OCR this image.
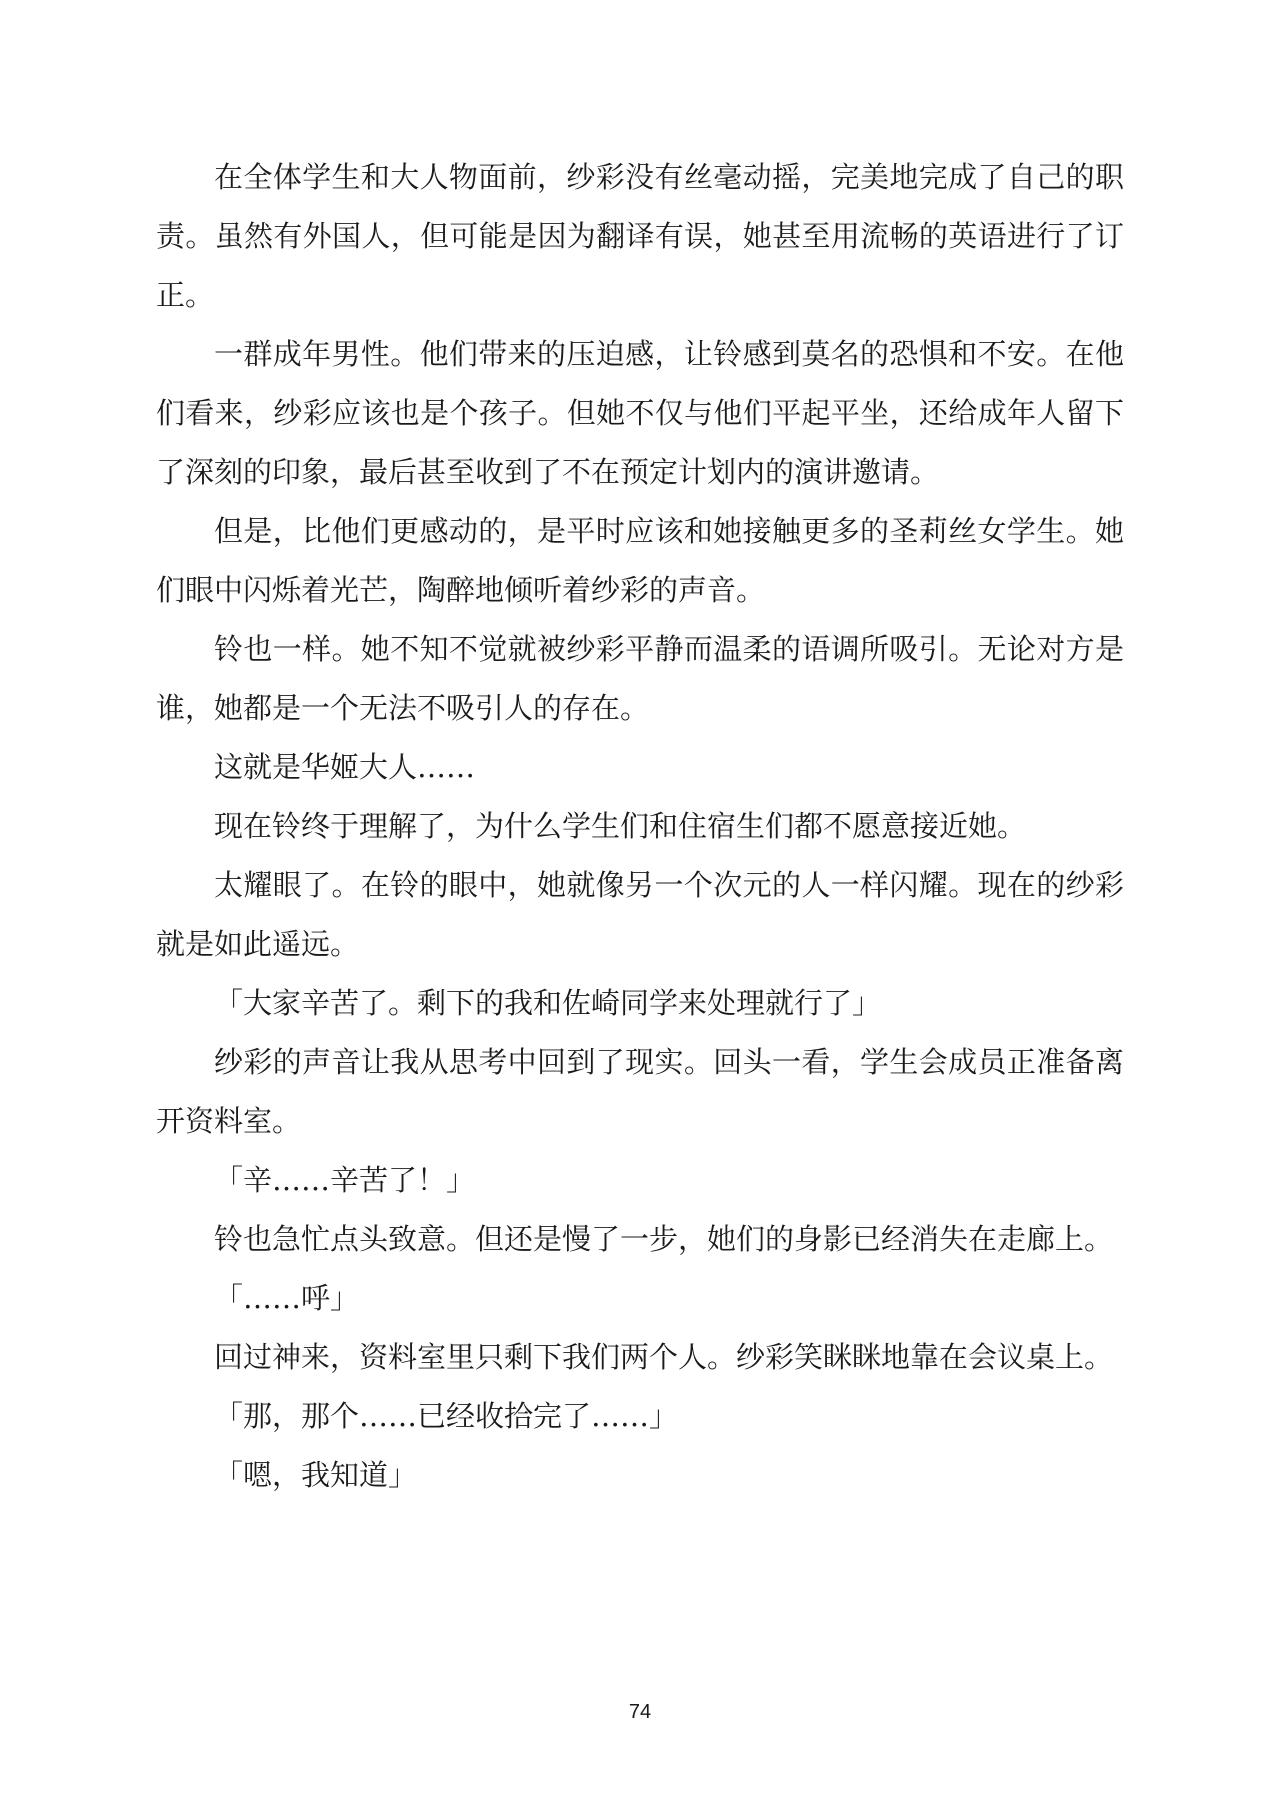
在全体学生和大人物面前，纱彩没有丝毫动摇，完美地完成了自己的职责。虽然有外国人，但可能是因为翻译有误，她甚至用流畅的英语进行了订正。

一群成年男性。他们带来的压迫感，让铃感到莫名的恐惧和不安。在他们看来，纱彩应该也是个孩子。但她不仅与他们平起平坐，还给成年人留下了深刻的印象，最后甚至收到了不在预定计划内的演讲邀请。

但是，比他们更感动的，是平时应该和她接触更多的圣莉丝女学生。她们眼中闪烁着光芒，陶醉地倾听着纱彩的声音。

铃也一样。她不知不觉就被纱彩平静而温柔的语调所吸引。无论对方是谁，她都是一个无法不吸引人的存在。

这就是华姬大人……

现在铃终于理解了，为什么学生们和住宿生们都不愿意接近她。

太耀眼了。在铃的眼中，她就像另一个次元的人一样闪耀。现在的纱彩就是如此遥远。

「大家辛苦了。剩下的我和佐崎同学来处理就行了」

纱彩的声音让我从思考中回到了现实。回头一看，学生会成员正准备离开资料室。

「辛……辛苦了！」

铃也急忙点头致意。但还是慢了一步，她们的身影已经消失在走廊上。

「……呼」

回过神来，资料室里只剩下我们两个人。纱彩笑眯眯地靠在会议桌上。

「那，那个……已经收拾完了……」

「嗯，我知道」

74
